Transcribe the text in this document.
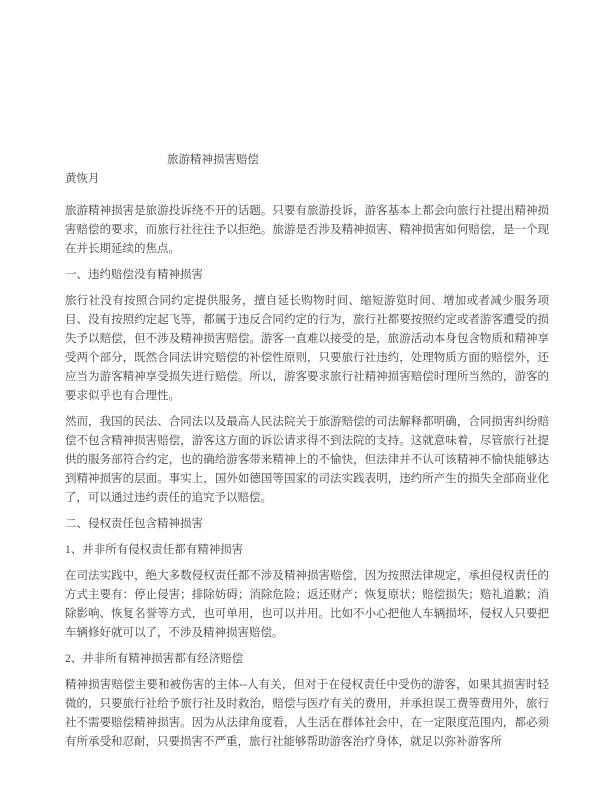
旅游精神损害赔偿
黄恢月

旅游精神损害是旅游投诉绕不开的话题。只要有旅游投诉，游客基本上都会向旅行社提出精神损害赔偿的要求，而旅行社往往予以拒绝。旅游是否涉及精神损害、精神损害如何赔偿，是一个现在并长期延续的焦点。

一、违约赔偿没有精神损害

旅行社没有按照合同约定提供服务，擅自延长购物时间、缩短游览时间、增加或者减少服务项目、没有按照约定起飞等，都属于违反合同约定的行为，旅行社都要按照约定或者游客遭受的损失予以赔偿，但不涉及精神损害赔偿。游客一直难以接受的是，旅游活动本身包含物质和精神享受两个部分，既然合同法讲究赔偿的补偿性原则，只要旅行社违约，处理物质方面的赔偿外，还应当为游客精神享受损失进行赔偿。所以，游客要求旅行社精神损害赔偿时理所当然的，游客的要求似乎也有合理性。

然而，我国的民法、合同法以及最高人民法院关于旅游赔偿的司法解释都明确，合同损害纠纷赔偿不包含精神损害赔偿，游客这方面的诉讼请求得不到法院的支持。这就意味着，尽管旅行社提供的服务部符合约定，也的确给游客带来精神上的不愉快，但法律并不认可该精神不愉快能够达到精神损害的层面。事实上，国外如德国等国家的司法实践表明，违约所产生的损失全部商业化了，可以通过违约责任的追究予以赔偿。

二、侵权责任包含精神损害
1、并非所有侵权责任都有精神损害

在司法实践中，绝大多数侵权责任都不涉及精神损害赔偿，因为按照法律规定，承担侵权责任的方式主要有：停止侵害；排除妨碍；消除危险；返还财产；恢复原状；赔偿损失；赔礼道歉；消除影响、恢复名誉等方式，也可单用，也可以并用。比如不小心把他人车辆损坏，侵权人只要把车辆修好就可以了，不涉及精神损害赔偿。

2、并非所有精神损害都有经济赔偿

精神损害赔偿主要和被伤害的主体--人有关，但对于在侵权责任中受伤的游客，如果其损害时轻微的，只要旅行社给予旅行社及时救治，赔偿与医疗有关的费用，并承担误工费等费用外，旅行社不需要赔偿精神损害。因为从法律角度看，人生活在群体社会中，在一定限度范围内，都必须有所承受和忍耐，只要损害不严重，旅行社能够帮助游客治疗身体，就足以弥补游客所
